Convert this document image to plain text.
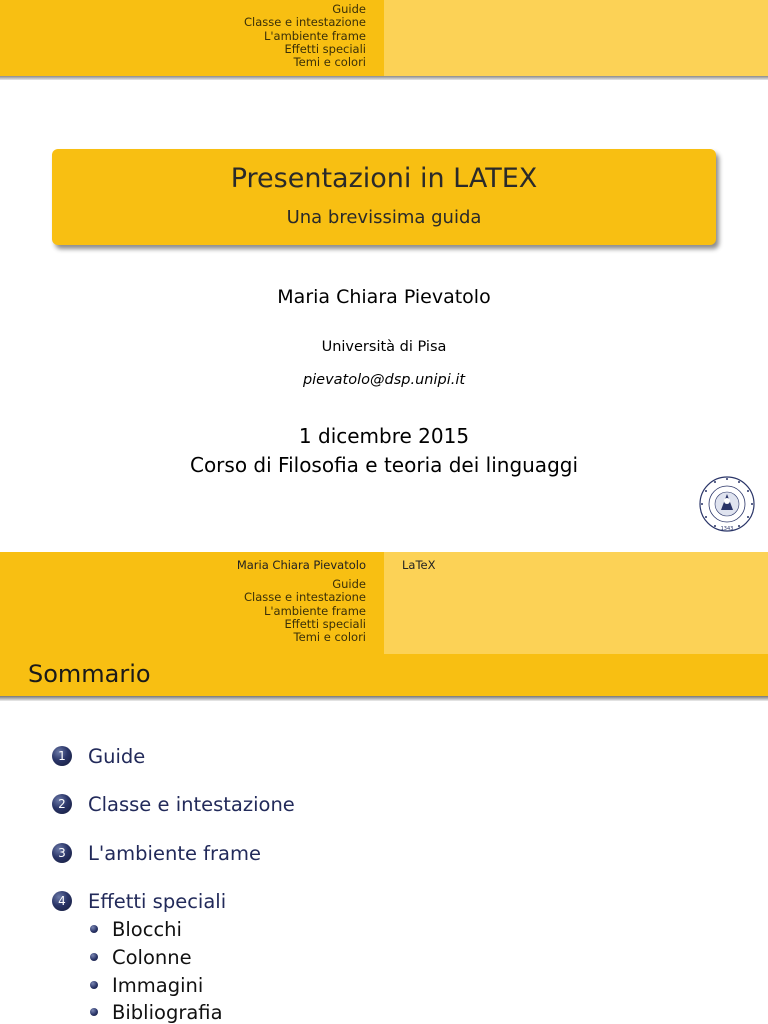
Guide
Classe e intestazione
L'ambiente frame
Effetti speciali
Temi e colori
Presentazioni in LATEX
Una brevissima guida
Maria Chiara Pievatolo
Università di Pisa
pievatolo@dsp.unipi.it
1 dicembre 2015
Corso di Filosofia e teoria dei linguaggi
1343
Maria Chiara Pievatolo	LaTeX
Guide
Classe e intestazione
L'ambiente frame
Effetti speciali
Temi e colori
Sommario
1	Guide
2	Classe e intestazione
3	L'ambiente frame
4	Effetti speciali
Blocchi
Colonne
Immagini
Bibliografia
